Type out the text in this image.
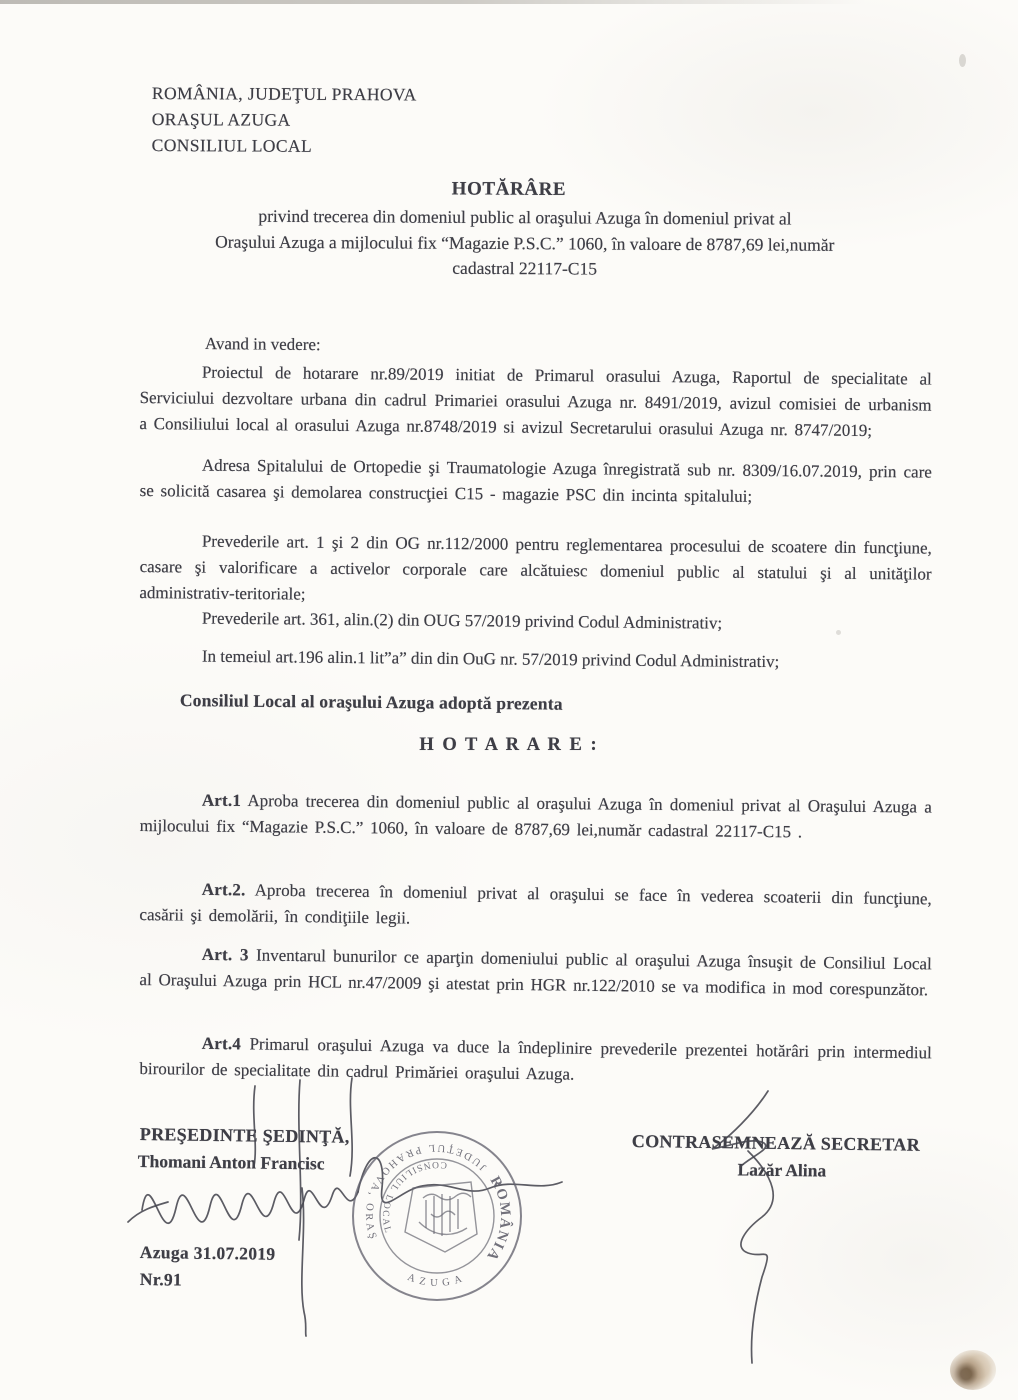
ROMÂNIA, JUDEŢUL PRAHOVA
ORAŞUL AZUGA
CONSILIUL LOCAL
HOTĂRÂRE
privind trecerea din domeniul public al oraşului Azuga în domeniul privat al
Oraşului Azuga a mijlocului fix “Magazie P.S.C.” 1060, în valoare de 8787,69 lei,număr
cadastral 22117-C15
Avand in vedere:

Proiectul de hotarare nr.89/2019 initiat de Primarul orasului Azuga, Raportul de specialitate al Serviciului dezvoltare urbana din cadrul Primariei orasului Azuga nr. 8491/2019, avizul comisiei de urbanism a Consiliului local al orasului Azuga nr.8748/2019 si avizul Secretarului orasului Azuga nr. 8747/2019;

Adresa Spitalului de Ortopedie şi Traumatologie Azuga înregistrată sub nr. 8309/16.07.2019, prin care se solicită casarea şi demolarea construcţiei C15 - magazie PSC din incinta spitalului;

Prevederile art. 1 şi 2 din OG nr.112/2000 pentru reglementarea procesului de scoatere din funcţiune, casare şi valorificare a activelor corporale care alcătuiesc domeniul public al statului şi al unităţilor administrativ-teritoriale;

Prevederile art. 361, alin.(2) din OUG 57/2019 privind Codul Administrativ;

In temeiul art.196 alin.1 lit”a” din din OuG nr. 57/2019 privind Codul Administrativ;

Consiliul Local al oraşului Azuga adoptă prezenta
H O T A R A R E :

Art.1 Aproba trecerea din domeniul public al oraşului Azuga în domeniul privat al Oraşului Azuga a mijlocului fix “Magazie P.S.C.” 1060, în valoare de 8787,69 lei,număr cadastral 22117-C15 .

Art.2. Aproba trecerea în domeniul privat al oraşului se face în vederea scoaterii din funcţiune, casării şi demolării, în condiţiile legii.

Art. 3 Inventarul bunurilor ce aparţin domeniului public al oraşului Azuga însuşit de Consiliul Local al Oraşului Azuga prin HCL nr.47/2009 şi atestat prin HGR nr.122/2010 se va modifica in mod corespunzător.

Art.4 Primarul oraşului Azuga va duce la îndeplinire prevederile prezentei hotărâri prin intermediul birourilor de specialitate din cadrul Primăriei oraşului Azuga.

PREŞEDINTE ŞEDINŢĂ,
Thomani Anton Francisc
CONTRASEMNEAZĂ SECRETAR
Lazăr Alina
Azuga 31.07.2019
Nr.91
JUDEŢUL PRAHOVA, ORAŞ
AZUGA
CONSILIUL LOCAL
✱ ROMÂNIA ✱
